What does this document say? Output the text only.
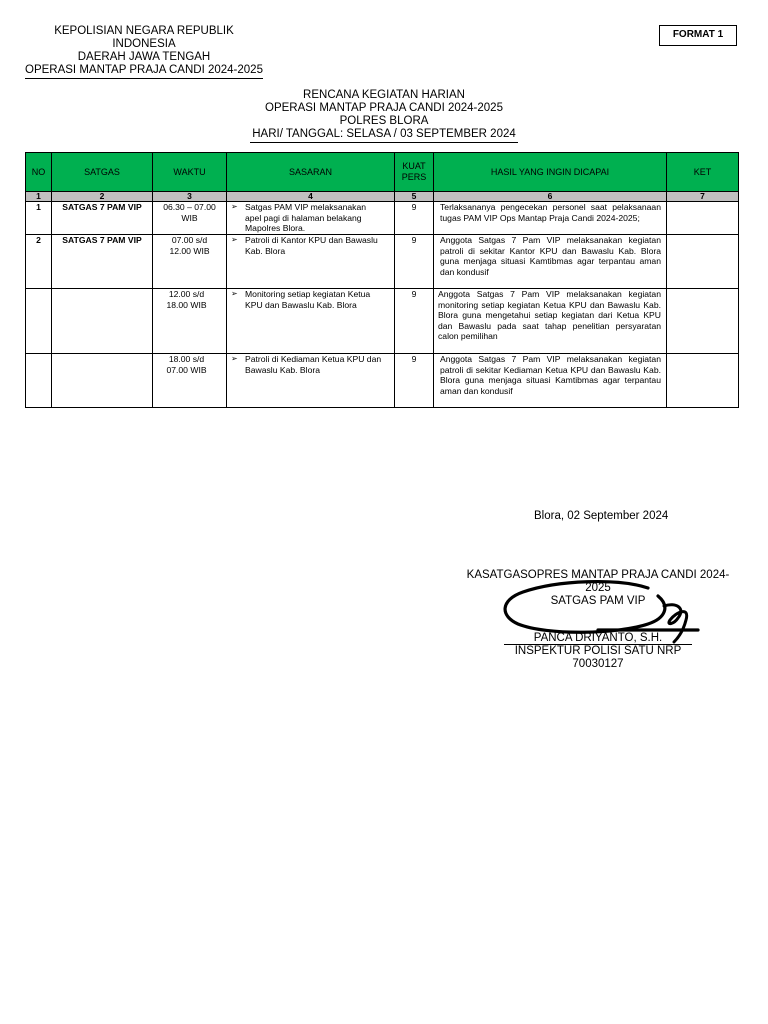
KEPOLISIAN NEGARA REPUBLIK INDONESIA
DAERAH JAWA TENGAH
OPERASI MANTAP PRAJA CANDI 2024-2025
FORMAT 1
RENCANA KEGIATAN HARIAN
OPERASI MANTAP PRAJA CANDI 2024-2025
POLRES BLORA
HARI/ TANGGAL: SELASA / 03 SEPTEMBER 2024
NO	SATGAS	WAKTU	SASARAN	KUAT PERS	HASIL YANG INGIN DICAPAI	KET
1	2	3	4	5	6	7
1	SATGAS 7 PAM VIP	06.30 – 07.00 WIB	➢ Satgas PAM VIP melaksanakan apel pagi di halaman belakang Mapolres Blora.	9	Terlaksananya pengecekan personel saat pelaksanaan tugas PAM VIP Ops Mantap Praja Candi 2024-2025;	
2	SATGAS 7 PAM VIP	07.00 s/d 12.00 WIB	➢ Patroli di Kantor KPU dan Bawaslu Kab. Blora	9	Anggota Satgas 7 Pam VIP melaksanakan kegiatan patroli di sekitar Kantor KPU dan Bawaslu Kab. Blora guna menjaga situasi Kamtibmas agar terpantau aman dan kondusif	
		12.00 s/d 18.00 WIB	➢ Monitoring setiap kegiatan Ketua KPU dan Bawaslu Kab. Blora	9	Anggota Satgas 7 Pam VIP melaksanakan kegiatan monitoring setiap kegiatan Ketua KPU dan Bawaslu Kab. Blora guna mengetahui setiap kegiatan dari Ketua KPU dan Bawaslu pada saat tahap penelitian persyaratan calon pemilihan	
		18.00 s/d 07.00 WIB	➢ Patroli di Kediaman Ketua KPU dan Bawaslu Kab. Blora	9	Anggota Satgas 7 Pam VIP melaksanakan kegiatan patroli di sekitar Kediaman Ketua KPU dan Bawaslu Kab. Blora guna menjaga situasi Kamtibmas agar terpantau aman dan kondusif	
Blora, 02 September 2024
KASATGASOPRES MANTAP PRAJA CANDI 2024-2025
SATGAS PAM VIP
PANCA DRIYANTO, S.H.
INSPEKTUR POLISI SATU NRP 70030127
